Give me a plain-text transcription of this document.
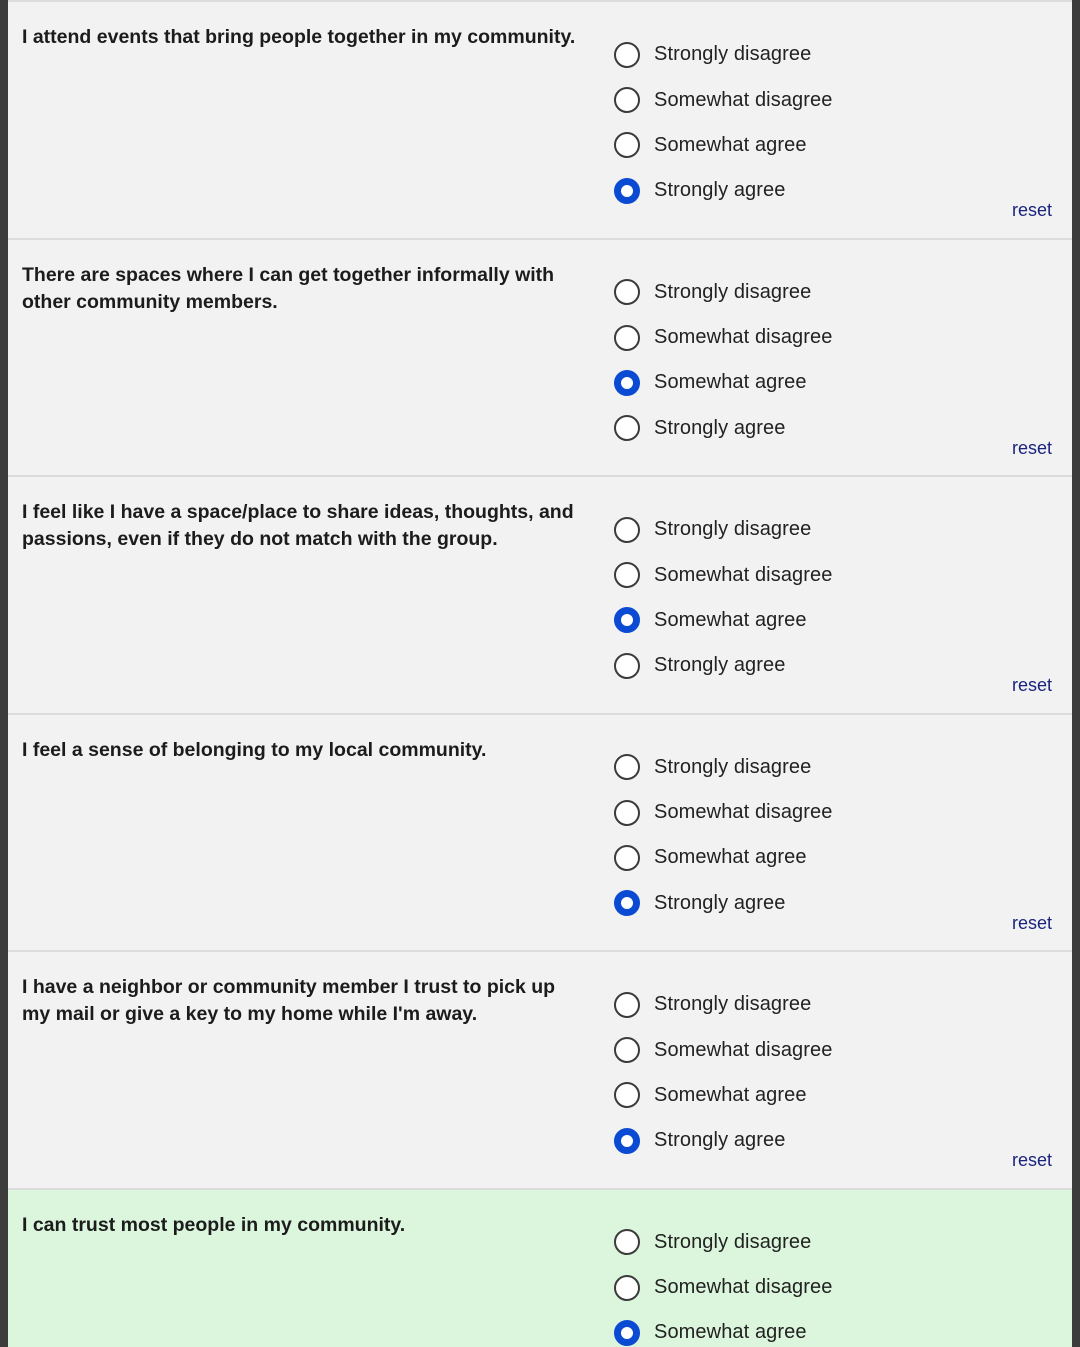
I attend events that bring people together in my community.

Strongly disagree
Somewhat disagree
Somewhat agree
Strongly agree
reset

There are spaces where I can get together informally with other community members.	Strongly disagree
Somewhat disagree
Somewhat agree
Strongly agree
reset

I feel like I have a space/place to share ideas, thoughts, and passions, even if they do not match with the group.	Strongly disagree
Somewhat disagree
Somewhat agree
Strongly agree
reset

I feel a sense of belonging to my local community.

Strongly disagree
Somewhat disagree
Somewhat agree
Strongly agree
reset

I have a neighbor or community member I trust to pick up my mail or give a key to my home while I'm away.	Strongly disagree
Somewhat disagree
Somewhat agree
Strongly agree
reset

I can trust most people in my community.

Strongly disagree
Somewhat disagree
Somewhat agree
